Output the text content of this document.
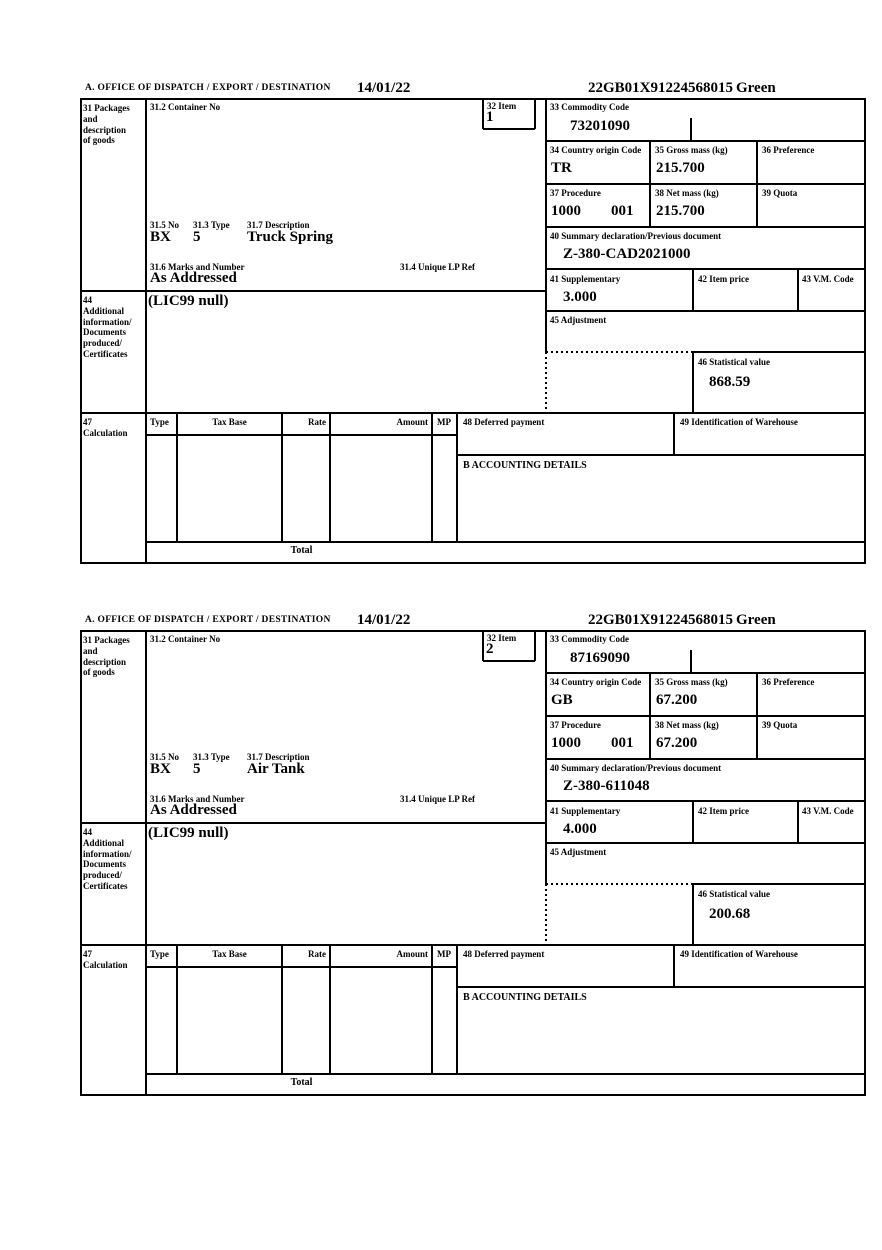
A. OFFICE OF DISPATCH / EXPORT / DESTINATION 14/01/22	22GB01X91224568015 Green
31 Packages
and
description
of goods
31.2 Container No	32 Item
1
33 Commodity Code
73201090
34 Country origin Code
TR
35 Gross mass (kg)
215.700
36 Preference
37 Procedure
1000 001
38 Net mass (kg)
215.700
39 Quota
40 Summary declaration/Previous document
Z-380-CAD2021000
41 Supplementary
3.000
42 Item price	43 V.M. Code
45 Adjustment
46 Statistical value
868.59
31.5 No 31.3 Type 31.7 Description
BX 5	Truck Spring
31.6 Marks and Number	31.4 Unique LP Ref
As Addressed
44
Additional
information/
Documents
produced/
Certificates
(LIC99 null)
47
Calculation
Type	Tax Base	Rate	Amount MP 48 Deferred payment	49 Identification of Warehouse
B ACCOUNTING DETAILS
Total
A. OFFICE OF DISPATCH / EXPORT / DESTINATION 14/01/22	22GB01X91224568015 Green
31 Packages
and
description
of goods
31.2 Container No	32 Item
2
33 Commodity Code
87169090
34 Country origin Code
GB
35 Gross mass (kg)
67.200
36 Preference
37 Procedure
1000 001
38 Net mass (kg)
67.200
39 Quota
40 Summary declaration/Previous document
Z-380-611048
41 Supplementary
4.000
42 Item price	43 V.M. Code
45 Adjustment
46 Statistical value
200.68
31.5 No 31.3 Type 31.7 Description
BX 5	Air Tank
31.6 Marks and Number	31.4 Unique LP Ref
As Addressed
44
Additional
information/
Documents
produced/
Certificates
(LIC99 null)
47
Calculation
Type	Tax Base	Rate	Amount MP 48 Deferred payment	49 Identification of Warehouse
B ACCOUNTING DETAILS
Total
